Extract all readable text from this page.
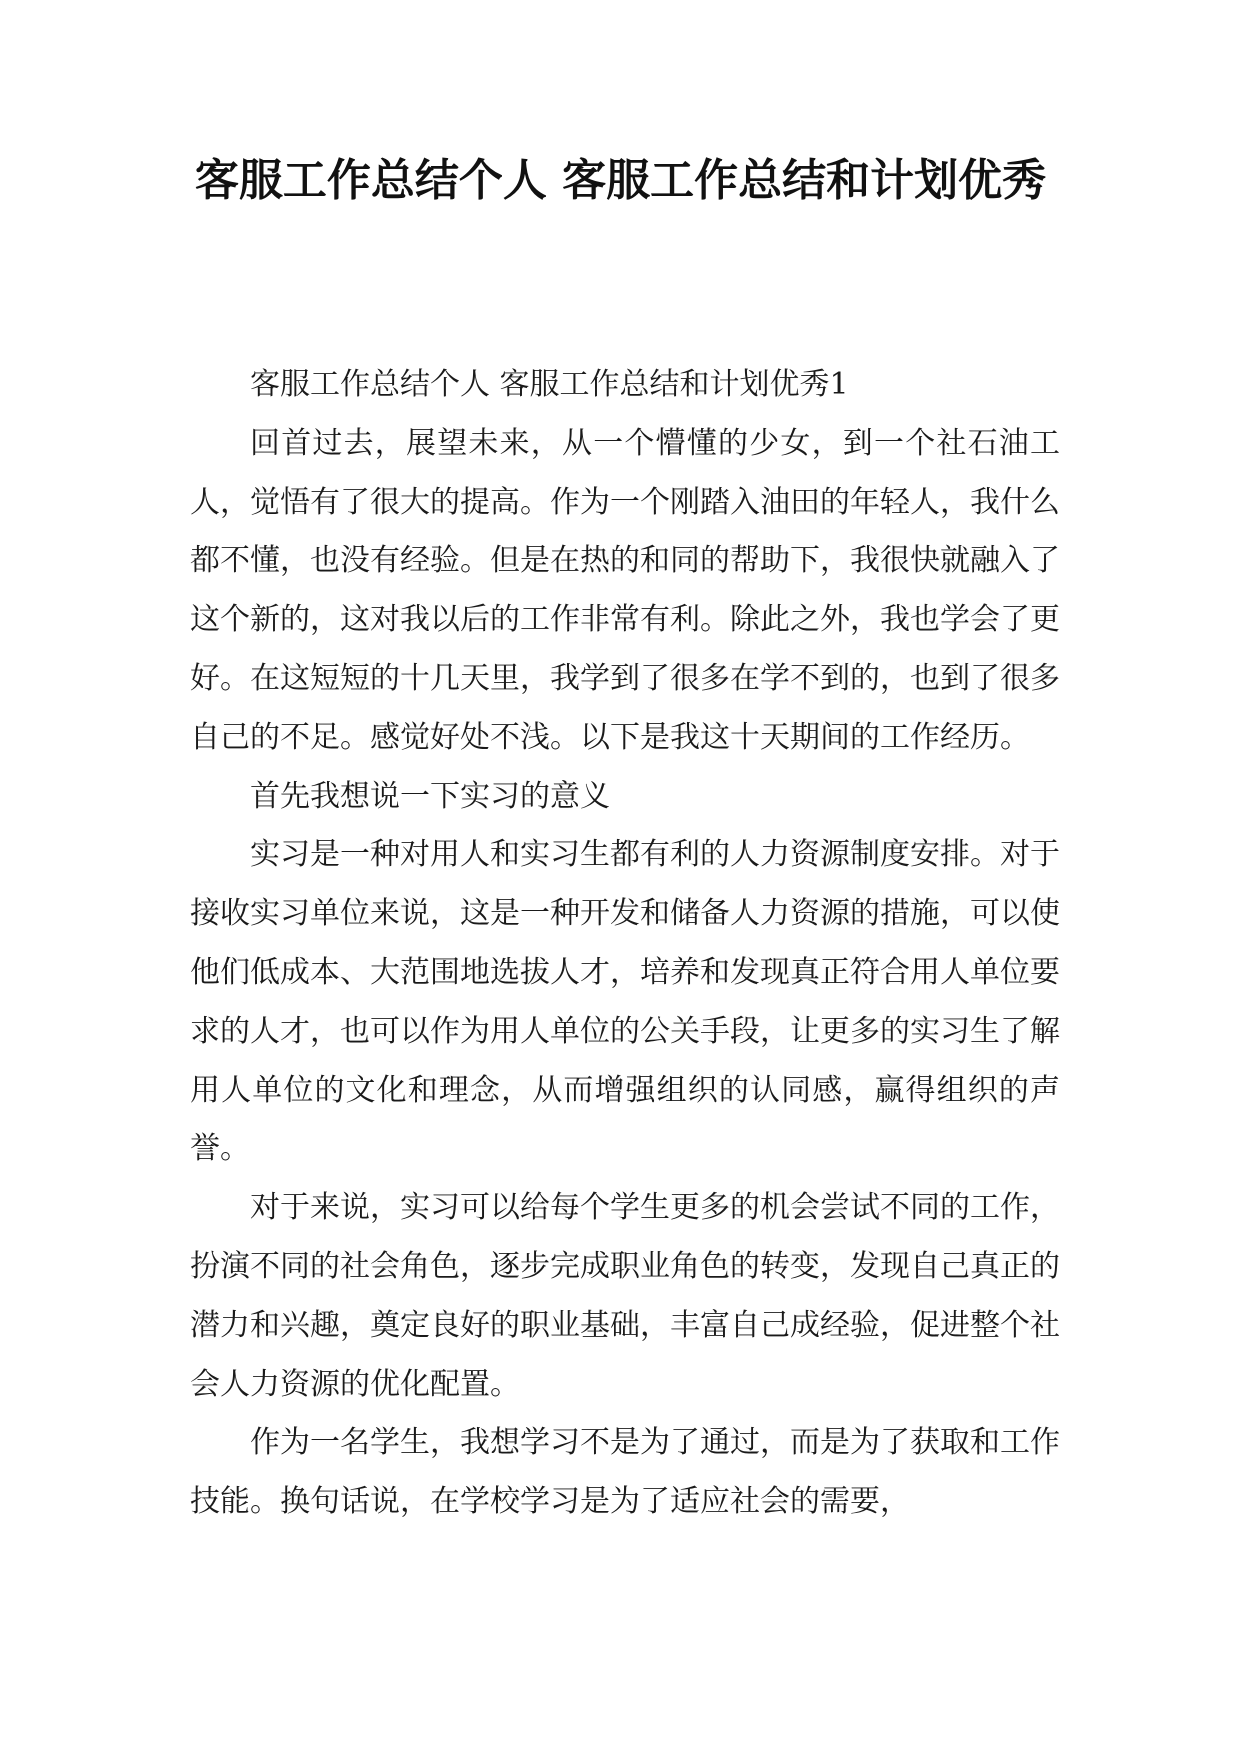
客服工作总结个人 客服工作总结和计划优秀

客服工作总结个人 客服工作总结和计划优秀1

回首过去，展望未来，从一个懵懂的少女，到一个社石油工人，觉悟有了很大的提高。作为一个刚踏入油田的年轻人，我什么都不懂，也没有经验。但是在热的和同的帮助下，我很快就融入了这个新的，这对我以后的工作非常有利。除此之外，我也学会了更好。在这短短的十几天里，我学到了很多在学不到的，也到了很多自己的不足。感觉好处不浅。以下是我这十天期间的工作经历。

首先我想说一下实习的意义

实习是一种对用人和实习生都有利的人力资源制度安排。对于接收实习单位来说，这是一种开发和储备人力资源的措施，可以使他们低成本、大范围地选拔人才，培养和发现真正符合用人单位要求的人才，也可以作为用人单位的公关手段，让更多的实习生了解用人单位的文化和理念，从而增强组织的认同感，赢得组织的声誉。

对于来说，实习可以给每个学生更多的机会尝试不同的工作，扮演不同的社会角色，逐步完成职业角色的转变，发现自己真正的潜力和兴趣，奠定良好的职业基础，丰富自己成经验，促进整个社会人力资源的优化配置。

作为一名学生，我想学习不是为了通过，而是为了获取和工作技能。换句话说，在学校学习是为了适应社会的需要，
